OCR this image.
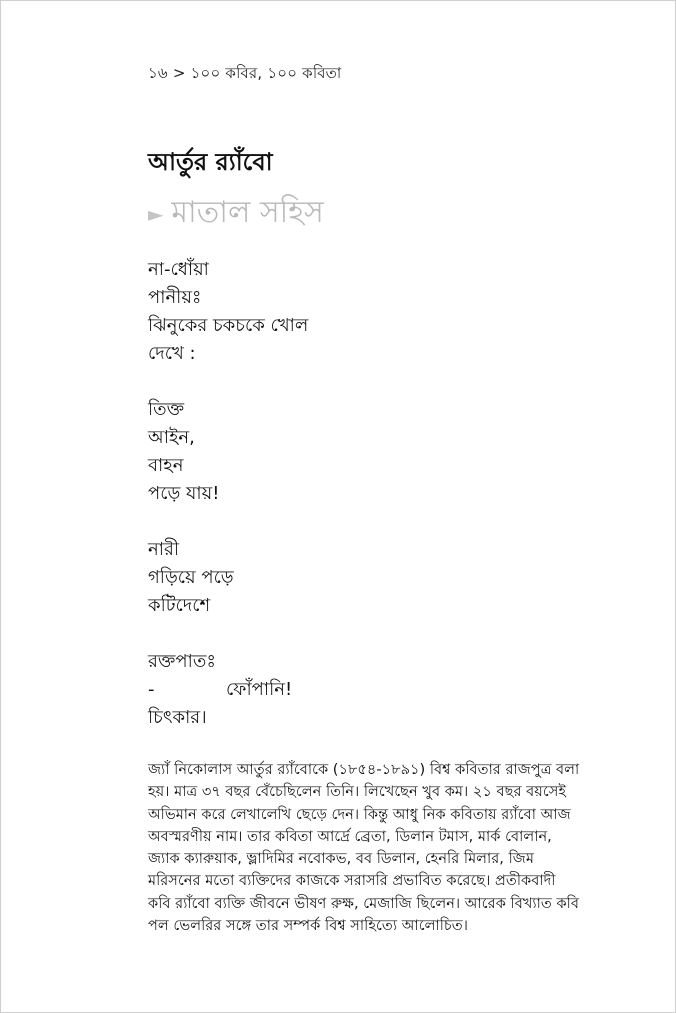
১৬ > ১০০ কবির, ১০০ কবিতা
আর্তুর র‍্যাঁবো
► মাতাল সহিস
না-ধোঁয়া
পানীয়ঃ
ঝিনুকের চকচকে খোল
দেখে :
তিক্ত
আইন,
বাহন
পড়ে যায়!
নারী
গড়িয়ে পড়ে
কটিদেশে
রক্তপাতঃ
-	ফোঁপানি!
চিৎকার।
জ্যাঁ নিকোলাস আর্তুর র‍্যাঁবোকে (১৮৫৪-১৮৯১) বিশ্ব কবিতার রাজপুত্র বলা
হয়। মাত্র ৩৭ বছর বেঁচেছিলেন তিনি। লিখেছেন খুব কম। ২১ বছর বয়সেই
অভিমান করে লেখালেখি ছেড়ে দেন। কিন্তু আধু নিক কবিতায় র‍্যাঁবো আজ
অবস্মরণীয় নাম। তার কবিতা আর্দ্রে ব্রেতা, ডিলান টমাস, মার্ক বোলান,
জ্যাক ক্যারুয়াক, ভ্লাদিমির নবোকভ, বব ডিলান, হেনরি মিলার, জিম
মরিসনের মতো ব্যক্তিদের কাজকে সরাসরি প্রভাবিত করেছে। প্রতীকবাদী
কবি র‍্যাঁবো ব্যক্তি জীবনে ভীষণ রুক্ষ, মেজাজি ছিলেন। আরেক বিখ্যাত কবি
পল ভেলরির সঙ্গে তার সম্পর্ক বিশ্ব সাহিত্যে আলোচিত।
